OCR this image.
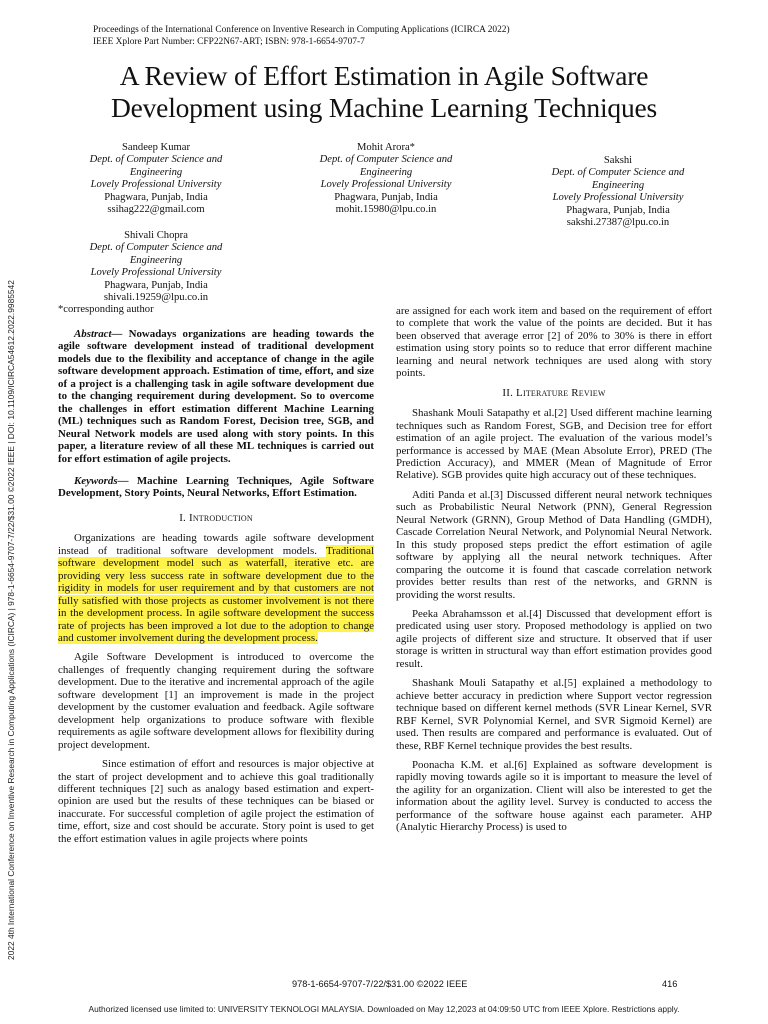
Proceedings of the International Conference on Inventive Research in Computing Applications (ICIRCA 2022)
IEEE Xplore Part Number: CFP22N67-ART; ISBN: 978-1-6654-9707-7
A Review of Effort Estimation in Agile Software
Development using Machine Learning Techniques
Sandeep Kumar
Dept. of Computer Science and
Engineering
Lovely Professional University
Phagwara, Punjab, India
ssihag222@gmail.com
Mohit Arora*
Dept. of Computer Science and
Engineering
Lovely Professional University
Phagwara, Punjab, India
mohit.15980@lpu.co.in
Sakshi
Dept. of Computer Science and
Engineering
Lovely Professional University
Phagwara, Punjab, India
sakshi.27387@lpu.co.in
Shivali Chopra
Dept. of Computer Science and
Engineering
Lovely Professional University
Phagwara, Punjab, India
shivali.19259@lpu.co.in
*corresponding author

Abstract— Nowadays organizations are heading towards the agile software development instead of traditional development models due to the flexibility and acceptance of change in the agile software development approach. Estimation of time, effort, and size of a project is a challenging task in agile software development due to the changing requirement during development. So to overcome the challenges in effort estimation different Machine Learning (ML) techniques such as Random Forest, Decision tree, SGB, and Neural Network models are used along with story points. In this paper, a literature review of all these ML techniques is carried out for effort estimation of agile projects.

Keywords— Machine Learning Techniques, Agile Software Development, Story Points, Neural Networks, Effort Estimation.

I. Introduction

Organizations are heading towards agile software development instead of traditional software development models. Traditional software development model such as waterfall, iterative etc. are providing very less success rate in software development due to the rigidity in models for user requirement and by that customers are not fully satisfied with those projects as customer involvement is not there in the development process. In agile software development the success rate of projects has been improved a lot due to the adoption to change and customer involvement during the development process.

Agile Software Development is introduced to overcome the challenges of frequently changing requirement during the software development. Due to the iterative and incremental approach of the agile software development [1] an improvement is made in the project development by the customer evaluation and feedback. Agile software development help organizations to produce software with flexible requirements as agile software development allows for flexibility during project development.

Since estimation of effort and resources is major objective at the start of project development and to achieve this goal traditionally different techniques [2] such as analogy based estimation and expert-opinion are used but the results of these techniques can be biased or inaccurate. For successful completion of agile project the estimation of time, effort, size and cost should be accurate. Story point is used to get the effort estimation values in agile projects where points

are assigned for each work item and based on the requirement of effort to complete that work the value of the points are decided. But it has been observed that average error [2] of 20% to 30% is there in effort estimation using story points so to reduce that error different machine learning and neural network techniques are used along with story points.

II. Literature Review

Shashank Mouli Satapathy et al.[2] Used different machine learning techniques such as Random Forest, SGB, and Decision tree for effort estimation of an agile project. The evaluation of the various model’s performance is accessed by MAE (Mean Absolute Error), PRED (The Prediction Accuracy), and MMER (Mean of Magnitude of Error Relative). SGB provides quite high accuracy out of these techniques.

Aditi Panda et al.[3] Discussed different neural network techniques such as Probabilistic Neural Network (PNN), General Regression Neural Network (GRNN), Group Method of Data Handling (GMDH), Cascade Correlation Neural Network, and Polynomial Neural Network. In this study proposed steps predict the effort estimation of agile software by applying all the neural network techniques. After comparing the outcome it is found that cascade correlation network provides better results than rest of the networks, and GRNN is providing the worst results.

Peeka Abrahamsson et al.[4] Discussed that development effort is predicated using user story. Proposed methodology is applied on two agile projects of different size and structure. It observed that if user storage is written in structural way than effort estimation provides good result.

Shashank Mouli Satapathy et al.[5] explained a methodology to achieve better accuracy in prediction where Support vector regression technique based on different kernel methods (SVR Linear Kernel, SVR RBF Kernel, SVR Polynomial Kernel, and SVR Sigmoid Kernel) are used. Then results are compared and performance is evaluated. Out of these, RBF Kernel technique provides the best results.

Poonacha K.M. et al.[6] Explained as software development is rapidly moving towards agile so it is important to measure the level of the agility for an organization. Client will also be interested to get the information about the agility level. Survey is conducted to access the performance of the software house against each parameter. AHP (Analytic Hierarchy Process) is used to

2022 4th International Conference on Inventive Research in Computing Applications (ICIRCA) | 978-1-6654-9707-7/22/$31.00 ©2022 IEEE | DOI: 10.1109/ICIRCA54612.2022.9985542
978-1-6654-9707-7/22/$31.00 ©2022 IEEE	416
Authorized licensed use limited to: UNIVERSITY TEKNOLOGI MALAYSIA. Downloaded on May 12,2023 at 04:09:50 UTC from IEEE Xplore. Restrictions apply.
